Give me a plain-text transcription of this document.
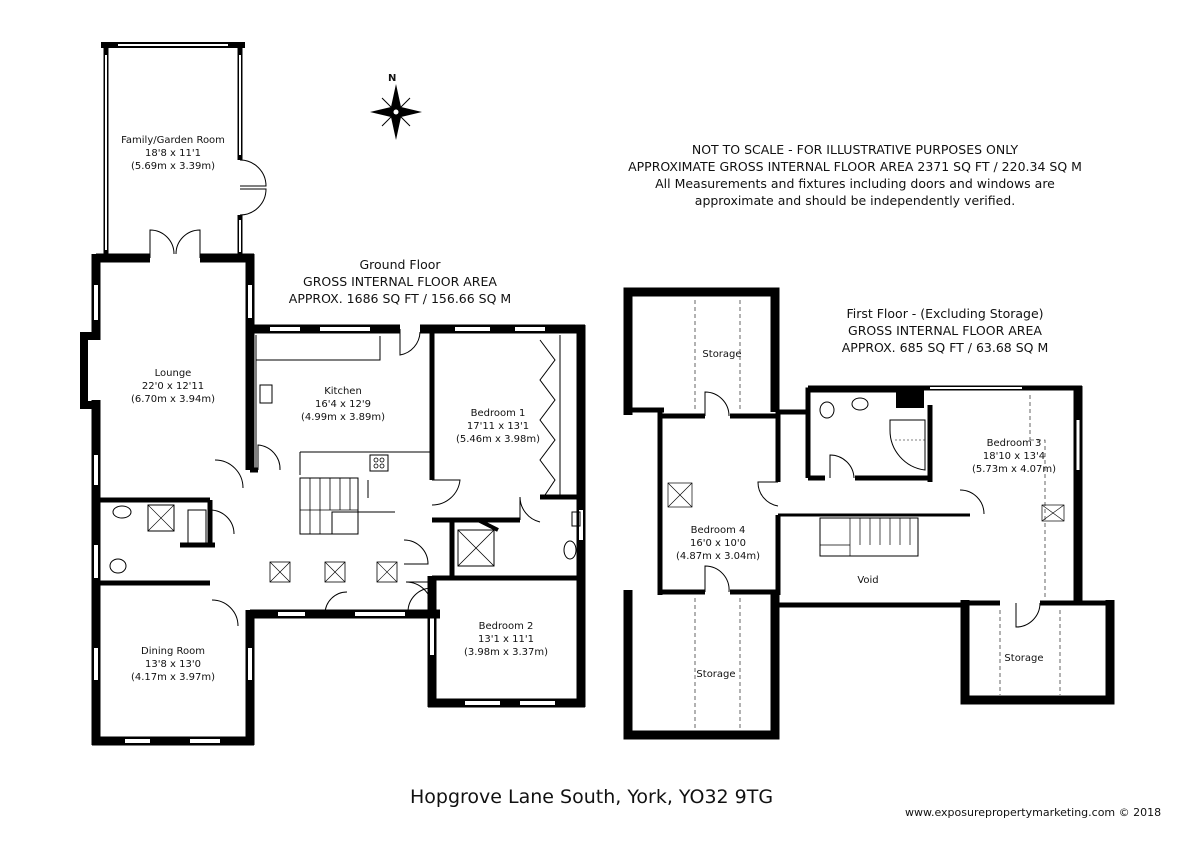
N
NOT TO SCALE - FOR ILLUSTRATIVE PURPOSES ONLY
APPROXIMATE GROSS INTERNAL FLOOR AREA 2371 SQ FT / 220.34 SQ M
All Measurements and fixtures including doors and windows are
approximate and should be independently verified.
Ground Floor
GROSS INTERNAL FLOOR AREA
APPROX. 1686 SQ FT / 156.66 SQ M
First Floor - (Excluding Storage)
GROSS INTERNAL FLOOR AREA
APPROX. 685 SQ FT / 63.68 SQ M
Family/Garden Room
18'8 x 11'1
(5.69m x 3.39m)
Lounge
22'0 x 12'11
(6.70m x 3.94m)
Kitchen
16'4 x 12'9
(4.99m x 3.89m)	Bedroom 1
17'11 x 13'1
(5.46m x 3.98m)
Bedroom 2
13'1 x 11'1
(3.98m x 3.37m)
Dining Room
13'8 x 13'0
(4.17m x 3.97m)
Storage
Bedroom 4
16'0 x 10'0
(4.87m x 3.04m)
Storage
Bedroom 3
18'10 x 13'4
(5.73m x 4.07m)
Void
Storage
Hopgrove Lane South, York, YO32 9TG
www.exposurepropertymarketing.com © 2018
